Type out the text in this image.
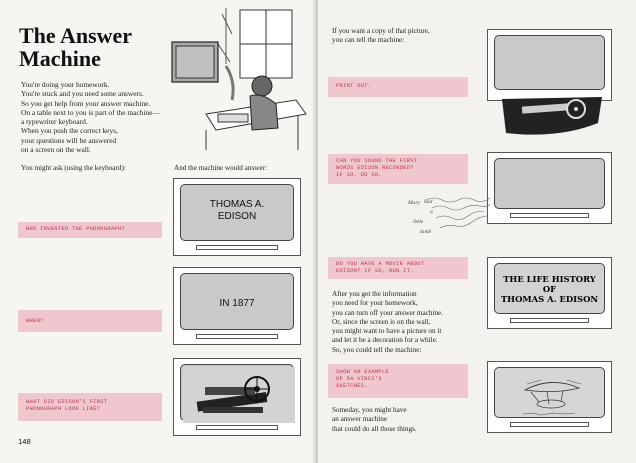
The Answer
Machine
You're doing your homework.
You're stuck and you need some answers.
So you get help from your answer machine.
On a table next to you is part of the machine—
a typewriter keyboard.
When you push the correct keys,
your questions will be answered
on a screen on the wall.
You might ask (using the keyboard):	And the machine would answer:
WHO INVENTED THE PHONOGRAPH?
THOMAS A.
EDISON
WHEN?
IN 1877
WHAT DID EDISON'S FIRST
PHONOGRAPH LOOK LIKE?
148
If you want a copy of that picture,
you can tell the machine:
PRINT OUT.
CAN YOU SOUND THE FIRST
WORDS EDISON RECORDED?
IF SO, DO SO.
Mary had
a
little
lamb
DO YOU HAVE A MOVIE ABOUT
EDISON? IF SO, RUN IT.
THE LIFE HISTORY
OF
THOMAS A. EDISON
After you get the information
you need for your homework,
you can turn off your answer machine.
Or, since the screen is on the wall,
you might want to have a picture on it
and let it be a decoration for a while.
So, you could tell the machine:
SHOW AN EXAMPLE
OF DA VINCI'S
SKETCHES.
Someday, you might have
an answer machine
that could do all those things.
